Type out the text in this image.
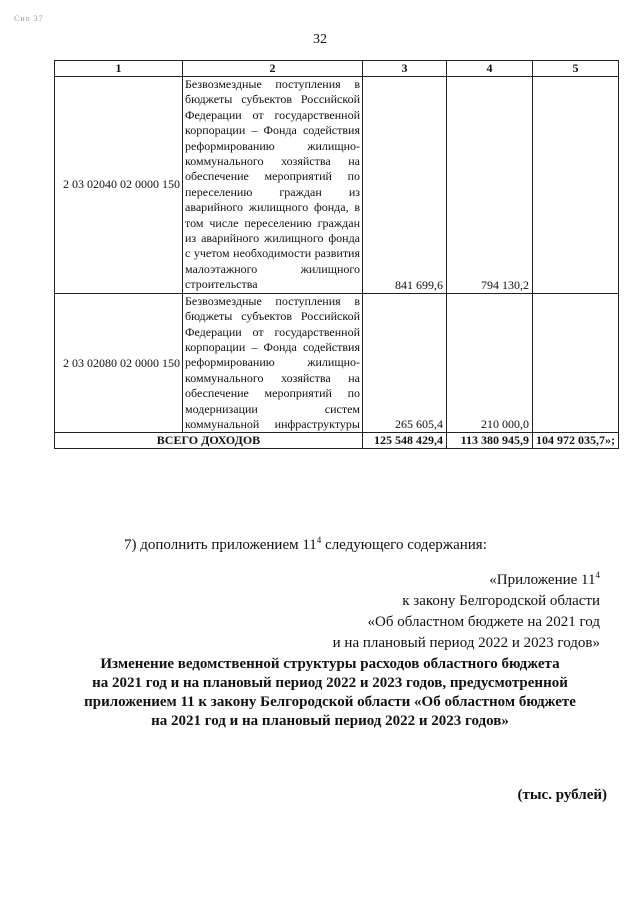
Сно 37
32
1	2	3	4	5
2 03 02040 02 0000 150	Безвозмездные поступления в бюджеты субъектов Российской Федерации от государственной корпорации – Фонда содействия реформированию жилищно-коммунального хозяйства на обеспечение мероприятий по переселению граждан из аварийного жилищного фонда, в том числе переселению граждан из аварийного жилищного фонда с учетом необходимости развития малоэтажного жилищного строительства	841 699,6	794 130,2	
2 03 02080 02 0000 150	Безвозмездные поступления в бюджеты субъектов Российской Федерации от государственной корпорации – Фонда содействия реформированию жилищно-коммунального хозяйства на обеспечение мероприятий по модернизации систем коммунальной инфраструктуры	265 605,4	210 000,0	
ВСЕГО ДОХОДОВ		125 548 429,4	113 380 945,9	104 972 035,7»;
7) дополнить приложением $11^4$ следующего содержания:
«Приложение $11^4$
к закону Белгородской области
«Об областном бюджете на 2021 год
и на плановый период 2022 и 2023 годов»
Изменение ведомственной структуры расходов областного бюджета
на 2021 год и на плановый период 2022 и 2023 годов, предусмотренной
приложением 11 к закону Белгородской области «Об областном бюджете
на 2021 год и на плановый период 2022 и 2023 годов»
(тыс. рублей)
